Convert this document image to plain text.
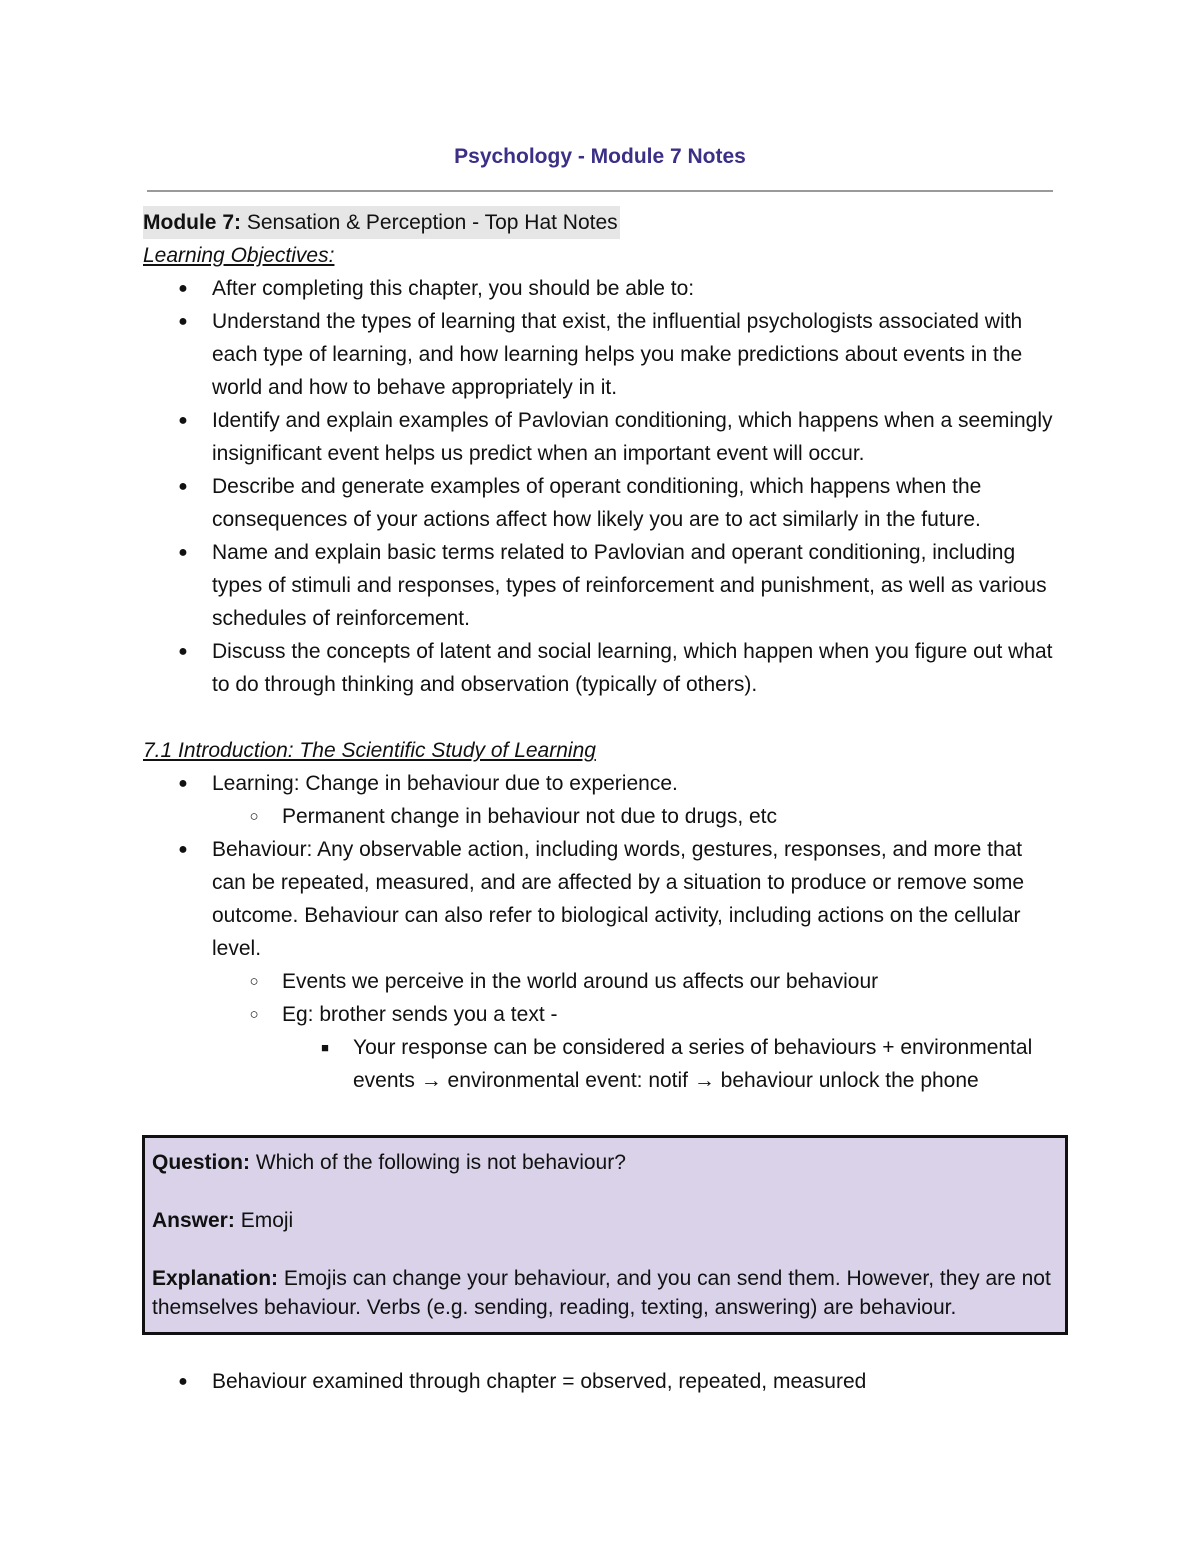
Psychology - Module 7 Notes
Module 7: Sensation & Perception - Top Hat Notes
Learning Objectives:
● After completing this chapter, you should be able to:
● Understand the types of learning that exist, the influential psychologists associated with each type of learning, and how learning helps you make predictions about events in the world and how to behave appropriately in it.
● Identify and explain examples of Pavlovian conditioning, which happens when a seemingly insignificant event helps us predict when an important event will occur.
● Describe and generate examples of operant conditioning, which happens when the consequences of your actions affect how likely you are to act similarly in the future.
● Name and explain basic terms related to Pavlovian and operant conditioning, including types of stimuli and responses, types of reinforcement and punishment, as well as various schedules of reinforcement.
● Discuss the concepts of latent and social learning, which happen when you figure out what to do through thinking and observation (typically of others).
7.1 Introduction: The Scientific Study of Learning
● Learning: Change in behaviour due to experience.
○ Permanent change in behaviour not due to drugs, etc
● Behaviour: Any observable action, including words, gestures, responses, and more that can be repeated, measured, and are affected by a situation to produce or remove some outcome. Behaviour can also refer to biological activity, including actions on the cellular level.
○ Events we perceive in the world around us affects our behaviour
○ Eg: brother sends you a text -
■ Your response can be considered a series of behaviours + environmental events → environmental event: notif → behaviour unlock the phone

Question: Which of the following is not behaviour?

Answer: Emoji

Explanation: Emojis can change your behaviour, and you can send them. However, they are not themselves behaviour. Verbs (e.g. sending, reading, texting, answering) are behaviour.

● Behaviour examined through chapter = observed, repeated, measured
